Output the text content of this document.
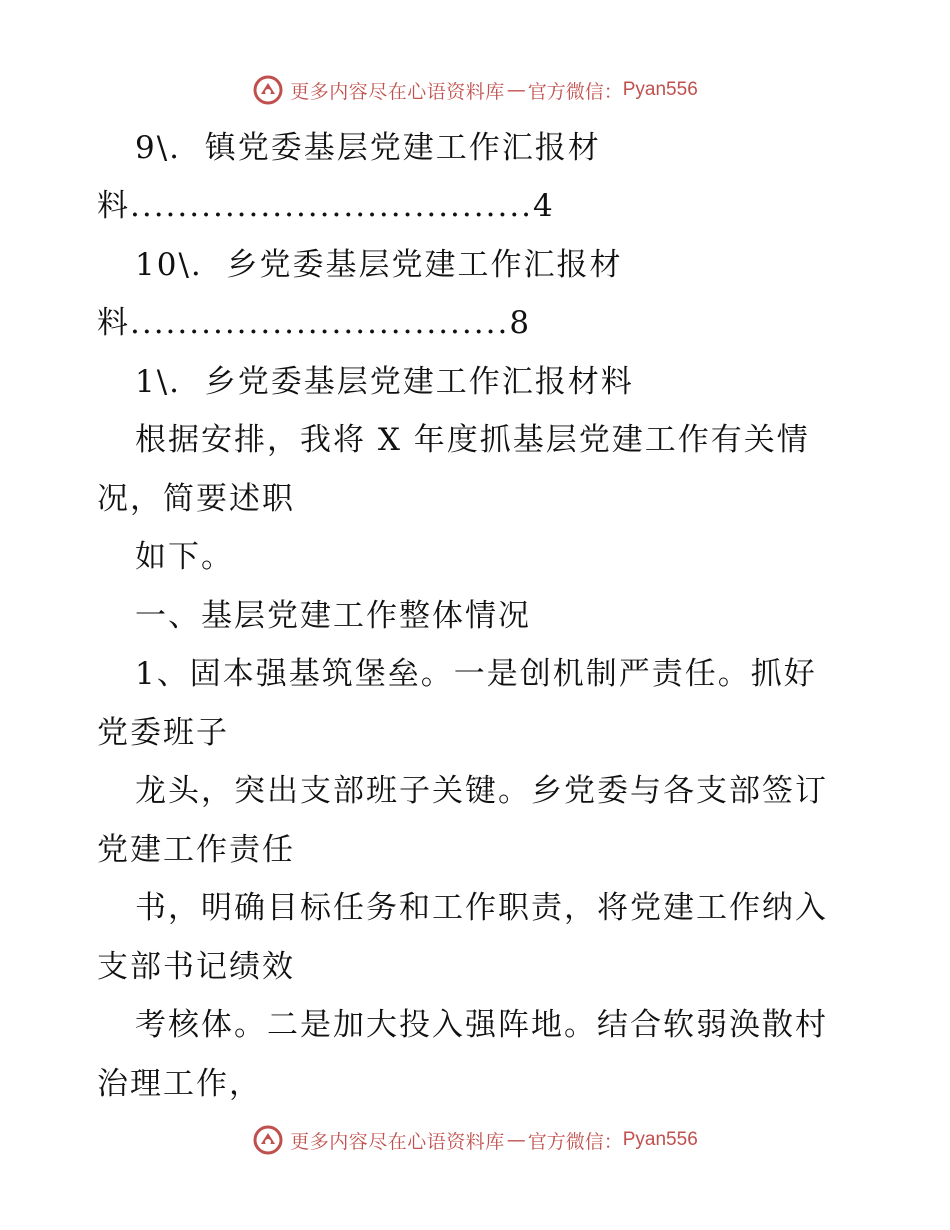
更多内容尽在心语资料库 — 官方微信： Pyan556
9\.  镇党委基层党建工作汇报材
料..................................4
10\.  乡党委基层党建工作汇报材
料................................8
1\.  乡党委基层党建工作汇报材料
根据安排，我将 X 年度抓基层党建工作有关情
况，简要述职
如下。
一、基层党建工作整体情况
1、固本强基筑堡垒。一是创机制严责任。抓好
党委班子
龙头，突出支部班子关键。乡党委与各支部签订
党建工作责任
书，明确目标任务和工作职责，将党建工作纳入
支部书记绩效
考核体。二是加大投入强阵地。结合软弱涣散村
治理工作，
更多内容尽在心语资料库 — 官方微信： Pyan556
